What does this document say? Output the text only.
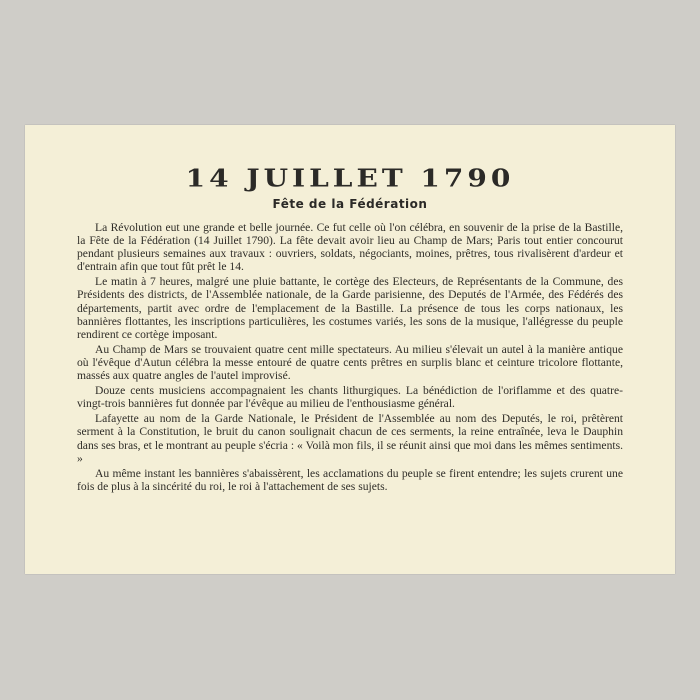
14 JUILLET 1790
Fête de la Fédération

La Révolution eut une grande et belle journée. Ce fut celle où l'on célébra, en souvenir de la prise de la Bastille, la Fête de la Fédération (14 Juillet 1790). La fête devait avoir lieu au Champ de Mars; Paris tout entier concourut pendant plusieurs semaines aux travaux : ouvriers, soldats, négociants, moines, prêtres, tous rivalisèrent d'ardeur et d'entrain afin que tout fût prêt le 14.

Le matin à 7 heures, malgré une pluie battante, le cortège des Electeurs, de Représentants de la Commune, des Présidents des districts, de l'Assemblée nationale, de la Garde parisienne, des Deputés de l'Armée, des Fédérés des départements, partit avec ordre de l'emplacement de la Bastille. La présence de tous les corps nationaux, les bannières flottantes, les inscriptions particulières, les costumes variés, les sons de la musique, l'allégresse du peuple rendirent ce cortège imposant.

Au Champ de Mars se trouvaient quatre cent mille spectateurs. Au milieu s'élevait un autel à la manière antique où l'évêque d'Autun célébra la messe entouré de quatre cents prêtres en surplis blanc et ceinture tricolore flottante, massés aux quatre angles de l'autel improvisé.

Douze cents musiciens accompagnaient les chants lithurgiques. La bénédiction de l'oriflamme et des quatre-vingt-trois bannières fut donnée par l'évêque au milieu de l'enthousiasme général.

Lafayette au nom de la Garde Nationale, le Président de l'Assemblée au nom des Deputés, le roi, prêtèrent serment à la Constitution, le bruit du canon soulignait chacun de ces serments, la reine entraînée, leva le Dauphin dans ses bras, et le montrant au peuple s'écria : « Voilà mon fils, il se réunit ainsi que moi dans les mêmes sentiments. »

Au même instant les bannières s'abaissèrent, les acclamations du peuple se firent entendre; les sujets crurent une fois de plus à la sincérité du roi, le roi à l'attachement de ses sujets.
